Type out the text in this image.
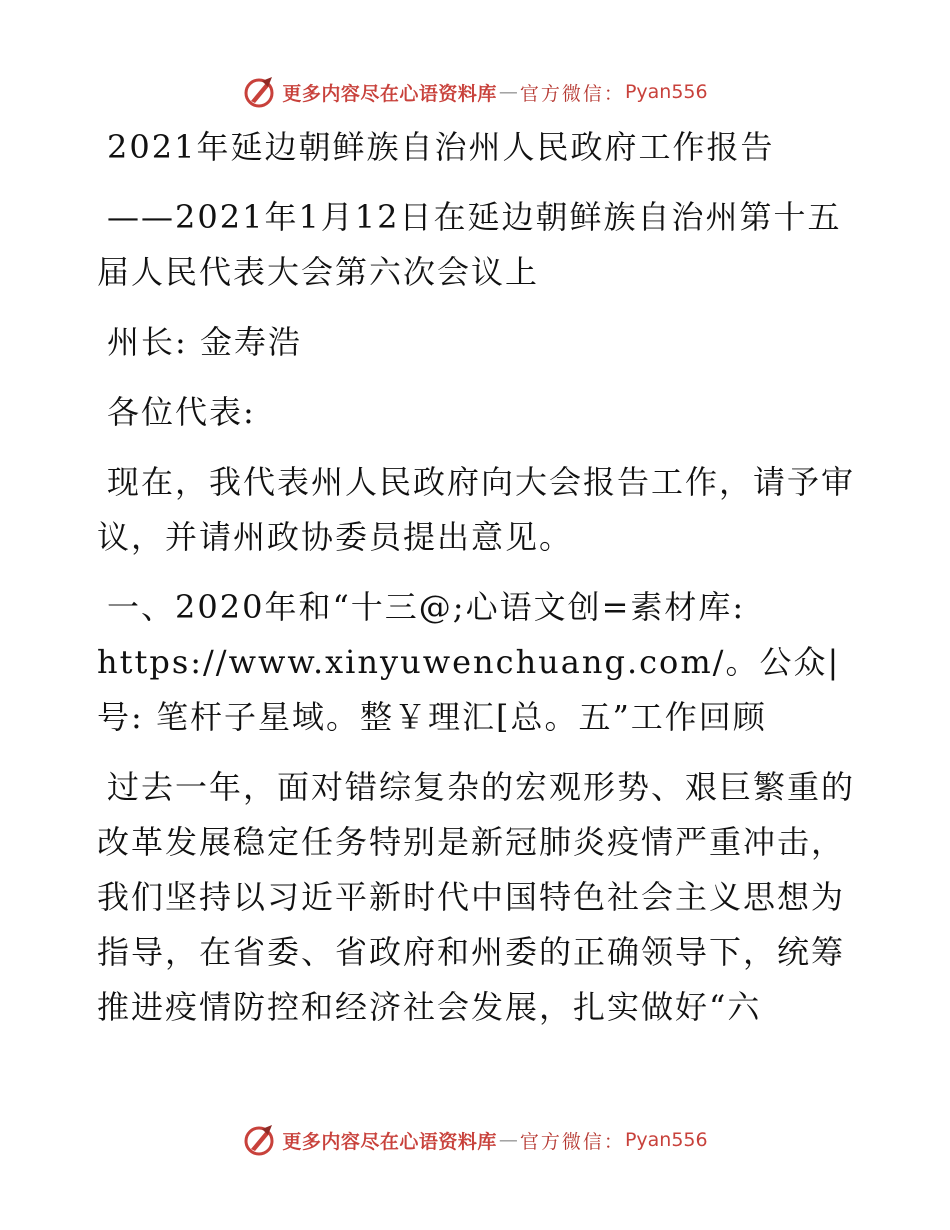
更多内容尽在心语资料库 — 官方微信： Pyan556

2021年延边朝鲜族自治州人民政府工作报告

——2021年1月12日在延边朝鲜族自治州第十五届人民代表大会第六次会议上

州长: 金寿浩

各位代表:

现在，我代表州人民政府向大会报告工作，请予审议，并请州政协委员提出意见。

一、2020年和“十三@;心语文创=素材库: https://www.xinyuwenchuang.com/。公众|号: 笔杆子星域。整￥理汇[总。五”工作回顾

过去一年，面对错综复杂的宏观形势、艰巨繁重的改革发展稳定任务特别是新冠肺炎疫情严重冲击，我们坚持以习近平新时代中国特色社会主义思想为指导，在省委、省政府和州委的正确领导下，统筹推进疫情防控和经济社会发展，扎实做好“六

更多内容尽在心语资料库 — 官方微信： Pyan556
